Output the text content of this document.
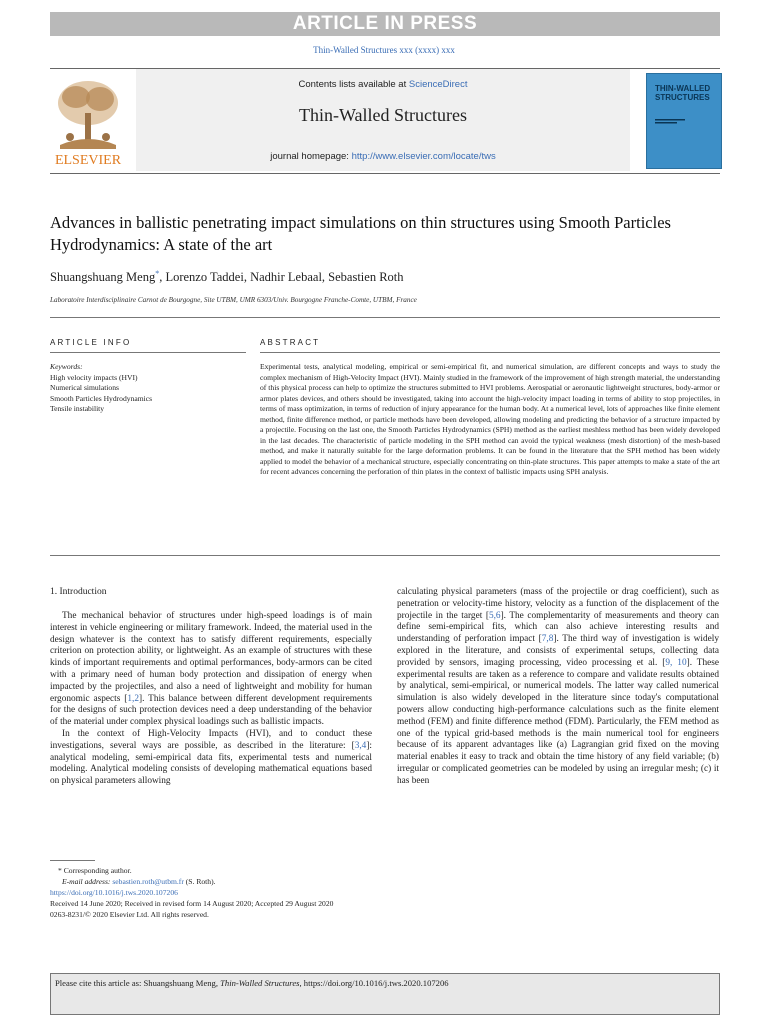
ARTICLE IN PRESS
Thin-Walled Structures xxx (xxxx) xxx
ELSEVIER
Contents lists available at ScienceDirect
Thin-Walled Structures
journal homepage: http://www.elsevier.com/locate/tws
THIN-WALLED STRUCTURES
Advances in ballistic penetrating impact simulations on thin structures using Smooth Particles Hydrodynamics: A state of the art
Shuangshuang Meng*, Lorenzo Taddei, Nadhir Lebaal, Sebastien Roth
Laboratoire Interdisciplinaire Carnot de Bourgogne, Site UTBM, UMR 6303/Univ. Bourgogne Franche-Comte, UTBM, France
ARTICLE INFO
Keywords:
High velocity impacts (HVI)
Numerical simulations
Smooth Particles Hydrodynamics
Tensile instability
ABSTRACT
Experimental tests, analytical modeling, empirical or semi-empirical fit, and numerical simulation, are different concepts and ways to study the complex mechanism of High-Velocity Impact (HVI). Mainly studied in the framework of the improvement of high strength material, the understanding of this physical process can help to optimize the structures submitted to HVI problems. Aerospatial or aeronautic lightweight structures, body-armor or armor plates devices, and others should be investigated, taking into account the high-velocity impact loading in terms of ability to stop projectiles, in terms of mass optimization, in terms of reduction of injury appearance for the human body. At a numerical level, lots of approaches like finite element method, finite difference method, or particle methods have been developed, allowing modeling and predicting the behavior of a structure impacted by a projectile. Focusing on the last one, the Smooth Particles Hydrodynamics (SPH) method as the earliest meshless method has been widely developed in the last decades. The characteristic of particle modeling in the SPH method can avoid the typical weakness (mesh distortion) of the mesh-based method, and make it naturally suitable for the large deformation problems. It can be found in the literature that the SPH method has been widely applied to model the behavior of a mechanical structure, especially concentrating on thin-plate structures. This paper attempts to make a state of the art for recent advances concerning the perforation of thin plates in the context of ballistic impacts using SPH analysis.
1. Introduction

The mechanical behavior of structures under high-speed loadings is of main interest in vehicle engineering or military framework. Indeed, the material used in the design whatever is the context has to satisfy different requirements, especially criterion on protection ability, or lightweight. As an example of structures with these kinds of important requirements and optimal performances, body-armors can be cited with a primary need of human body protection and dissipation of energy when impacted by the projectiles, and also a need of lightweight and mobility for human ergonomic aspects [1,2]. This balance between different development requirements for the designs of such protection devices need a deep understanding of the behavior of the material under complex physical loadings such as ballistic impacts.

In the context of High-Velocity Impacts (HVI), and to conduct these investigations, several ways are possible, as described in the literature: [3,4]: analytical modeling, semi-empirical data fits, experimental tests and numerical modeling. Analytical modeling consists of developing mathematical equations based on physical parameters allowing

calculating physical parameters (mass of the projectile or drag coefficient), such as penetration or velocity-time history, velocity as a function of the displacement of the projectile in the target [5,6]. The complementarity of measurements and theory can define semi-empirical fits, which can also achieve interesting results and understanding of perforation impact [7,8]. The third way of investigation is widely explored in the literature, and consists of experimental setups, collecting data provided by sensors, imaging processing, video processing et al. [9, 10]. These experimental results are taken as a reference to compare and validate results obtained by analytical, semi-empirical, or numerical models. The latter way called numerical simulation is also widely developed in the literature since today's computational powers allow conducting high-performance calculations such as the finite element method (FEM) and finite difference method (FDM). Particularly, the FEM method as one of the typical grid-based methods is the main numerical tool for engineers because of its apparent advantages like (a) Lagrangian grid fixed on the moving material enables it easy to track and obtain the time history of any field variable; (b) irregular or complicated geometries can be modeled by using an irregular mesh; (c) it has been

* Corresponding author.
E-mail address: sebastien.roth@utbm.fr (S. Roth).
https://doi.org/10.1016/j.tws.2020.107206
Received 14 June 2020; Received in revised form 14 August 2020; Accepted 29 August 2020
0263-8231/© 2020 Elsevier Ltd. All rights reserved.
Please cite this article as: Shuangshuang Meng, Thin-Walled Structures, https://doi.org/10.1016/j.tws.2020.107206
